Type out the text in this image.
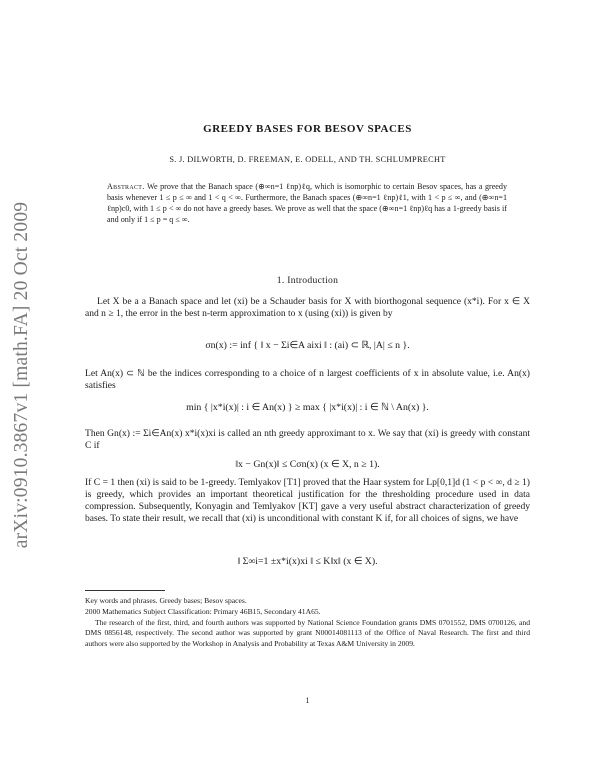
arXiv:0910.3867v1 [math.FA] 20 Oct 2009
GREEDY BASES FOR BESOV SPACES
S. J. DILWORTH, D. FREEMAN, E. ODELL, AND TH. SCHLUMPRECHT
Abstract. We prove that the Banach space (⊕∞n=1 ℓnp)ℓq, which is isomorphic to certain Besov spaces, has a greedy basis whenever 1 ≤ p ≤ ∞ and 1 < q < ∞. Furthermore, the Banach spaces (⊕∞n=1 ℓnp)ℓ1, with 1 < p ≤ ∞, and (⊕∞n=1 ℓnp)c0, with 1 ≤ p < ∞ do not have a greedy bases. We prove as well that the space (⊕∞n=1 ℓnp)ℓq has a 1-greedy basis if and only if 1 ≤ p = q ≤ ∞.
1. Introduction
Let X be a a Banach space and let (xi) be a Schauder basis for X with biorthogonal sequence (x*i). For x ∈ X and n ≥ 1, the error in the best n-term approximation to x (using (xi)) is given by
σn(x) := inf { ‖ x − Σi∈A aixi ‖ : (ai) ⊂ ℝ, |A| ≤ n }.
Let An(x) ⊂ ℕ be the indices corresponding to a choice of n largest coefficients of x in absolute value, i.e. An(x) satisfies
min { |x*i(x)| : i ∈ An(x) } ≥ max { |x*i(x)| : i ∈ ℕ \ An(x) }.
Then Gn(x) := Σi∈An(x) x*i(x)xi is called an nth greedy approximant to x. We say that (xi) is greedy with constant C if
‖x − Gn(x)‖ ≤ Cσn(x) (x ∈ X, n ≥ 1).
If C = 1 then (xi) is said to be 1-greedy. Temlyakov [T1] proved that the Haar system for Lp[0,1]d (1 < p < ∞, d ≥ 1) is greedy, which provides an important theoretical justification for the thresholding procedure used in data compression. Subsequently, Konyagin and Temlyakov [KT] gave a very useful abstract characterization of greedy bases. To state their result, we recall that (xi) is unconditional with constant K if, for all choices of signs, we have
‖ Σ∞i=1 ±x*i(x)xi ‖ ≤ K‖x‖ (x ∈ X).
Key words and phrases. Greedy bases; Besov spaces.
2000 Mathematics Subject Classification: Primary 46B15, Secondary 41A65.
The research of the first, third, and fourth authors was supported by National Science Foundation grants DMS 0701552, DMS 0700126, and DMS 0856148, respectively. The second author was supported by grant N00014081113 of the Office of Naval Research. The first and third authors were also supported by the Workshop in Analysis and Probability at Texas A&M University in 2009.
1
